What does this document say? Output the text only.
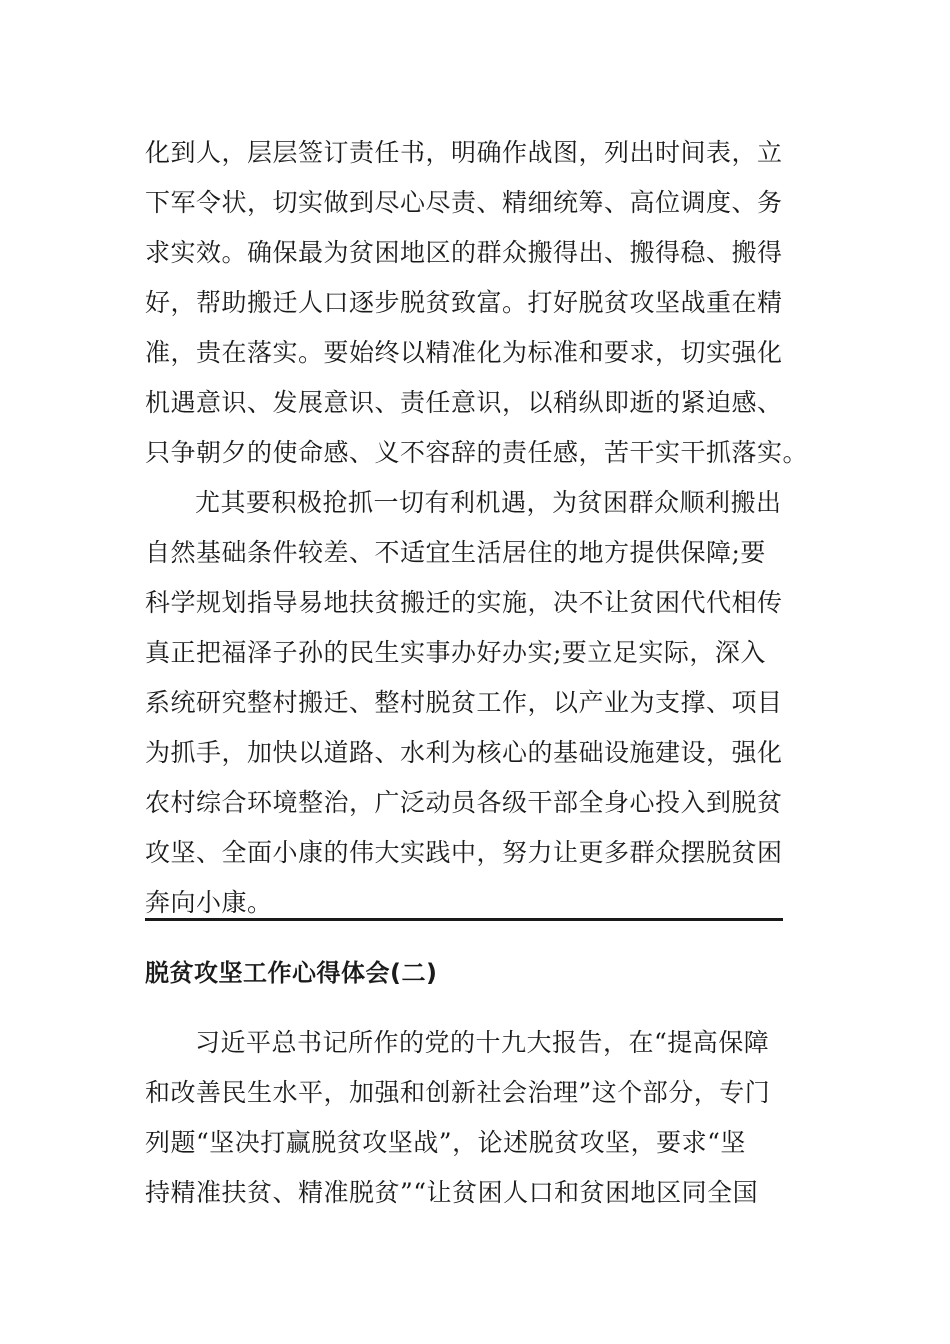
化到人，层层签订责任书，明确作战图，列出时间表，立

下军令状，切实做到尽心尽责、精细统筹、高位调度、务

求实效。确保最为贫困地区的群众搬得出、搬得稳、搬得

好，帮助搬迁人口逐步脱贫致富。打好脱贫攻坚战重在精

准，贵在落实。要始终以精准化为标准和要求，切实强化

机遇意识、发展意识、责任意识，以稍纵即逝的紧迫感、

只争朝夕的使命感、义不容辞的责任感，苦干实干抓落实。

尤其要积极抢抓一切有利机遇，为贫困群众顺利搬出

自然基础条件较差、不适宜生活居住的地方提供保障;要

科学规划指导易地扶贫搬迁的实施，决不让贫困代代相传

真正把福泽子孙的民生实事办好办实;要立足实际，深入

系统研究整村搬迁、整村脱贫工作，以产业为支撑、项目

为抓手，加快以道路、水利为核心的基础设施建设，强化

农村综合环境整治，广泛动员各级干部全身心投入到脱贫

攻坚、全面小康的伟大实践中，努力让更多群众摆脱贫困

奔向小康。

脱贫攻坚工作心得体会(二)

习近平总书记所作的党的十九大报告，在“提高保障

和改善民生水平，加强和创新社会治理”这个部分，专门

列题“坚决打赢脱贫攻坚战”，论述脱贫攻坚，要求“坚

持精准扶贫、精准脱贫”“让贫困人口和贫困地区同全国
